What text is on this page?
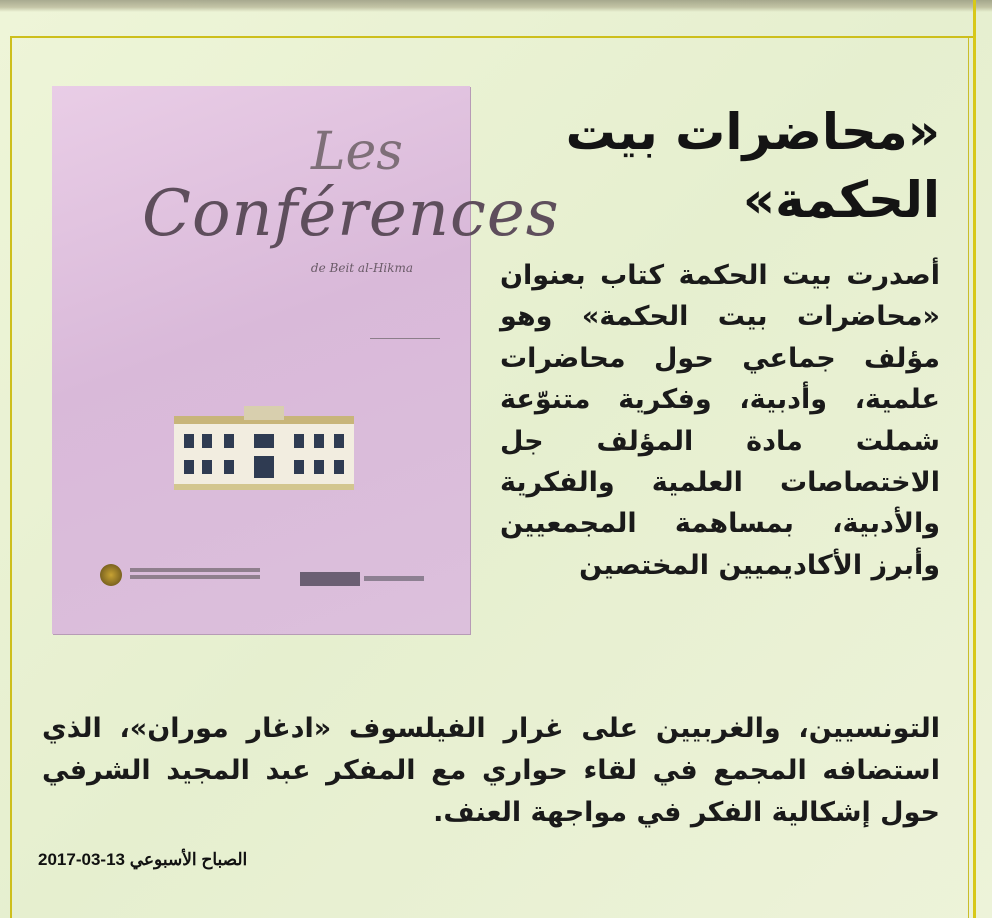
Les
Conférences
de Beit al-Hikma
«محاضرات بيت الحكمة»

أصدرت بيت الحكمة كتاب بعنوان «محاضرات بيت الحكمة» وهو مؤلف جماعي حول محاضرات علمية، وأدبية، وفكرية متنوّعة شملت مادة المؤلف جل الاختصاصات العلمية والفكرية والأدبية، بمساهمة المجمعيين وأبرز الأكاديميين المختصين

التونسيين، والغربيين على غرار الفيلسوف «ادغار موران»، الذي استضافه المجمع في لقاء حواري مع المفكر عبد المجيد الشرفي حول إشكالية الفكر في مواجهة العنف.

الصباح الأسبوعي 13-03-2017
